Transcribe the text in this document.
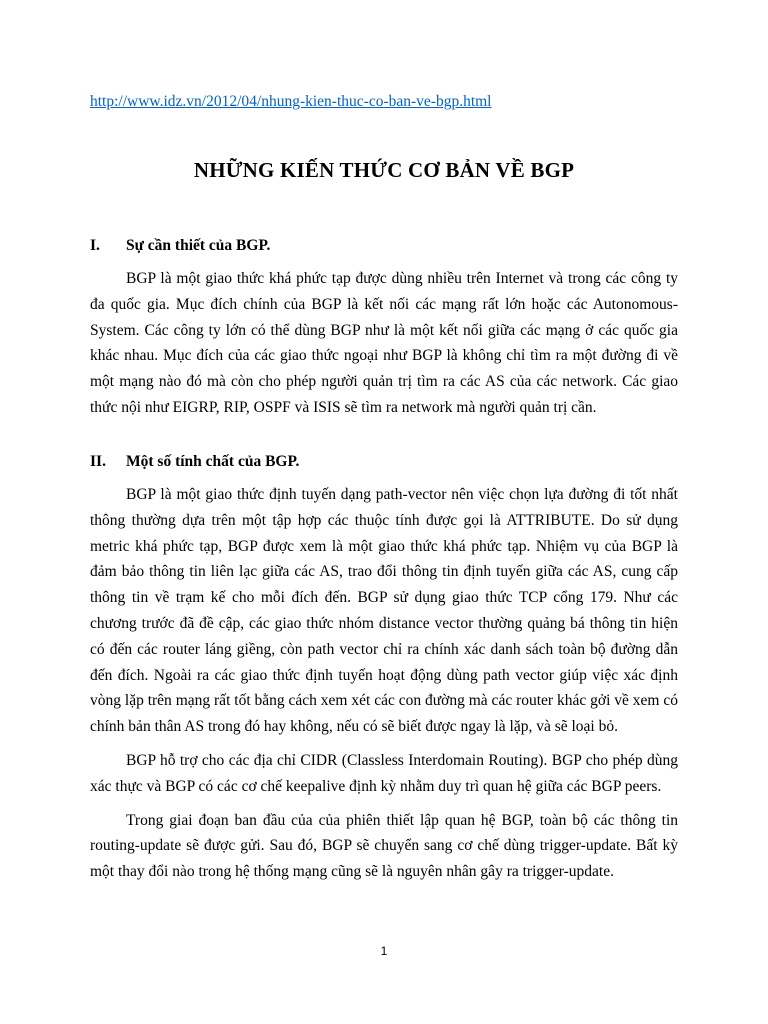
http://www.idz.vn/2012/04/nhung-kien-thuc-co-ban-ve-bgp.html
NHỮNG KIẾN THỨC CƠ BẢN VỀ BGP
I.	Sự cần thiết của BGP.

BGP là một giao thức khá phức tạp được dùng nhiều trên Internet và trong các công ty đa quốc gia. Mục đích chính của BGP là kết nối các mạng rất lớn hoặc các Autonomous-System. Các công ty lớn có thể dùng BGP như là một kết nối giữa các mạng ở các quốc gia khác nhau. Mục đích của các giao thức ngoại như BGP là không chỉ tìm ra một đường đi về một mạng nào đó mà còn cho phép người quản trị tìm ra các AS của các network. Các giao thức nội như EIGRP, RIP, OSPF và ISIS sẽ tìm ra network mà người quản trị cần.

II.	Một số tính chất của BGP.

BGP là một giao thức định tuyến dạng path-vector nên việc chọn lựa đường đi tốt nhất thông thường dựa trên một tập hợp các thuộc tính được gọi là ATTRIBUTE. Do sử dụng metric khá phức tạp, BGP được xem là một giao thức khá phức tạp. Nhiệm vụ của BGP là đảm bảo thông tin liên lạc giữa các AS, trao đổi thông tin định tuyến giữa các AS, cung cấp thông tin về trạm kế cho mỗi đích đến. BGP sử dụng giao thức TCP cổng 179. Như các chương trước đã đề cập, các giao thức nhóm distance vector thường quảng bá thông tin hiện có đến các router láng giềng, còn path vector chỉ ra chính xác danh sách toàn bộ đường dẫn đến đích. Ngoài ra các giao thức định tuyến hoạt động dùng path vector giúp việc xác định vòng lặp trên mạng rất tốt bằng cách xem xét các con đường mà các router khác gởi về xem có chính bản thân AS trong đó hay không, nếu có sẽ biết được ngay là lặp, và sẽ loại bỏ.

BGP hỗ trợ cho các địa chỉ CIDR (Classless Interdomain Routing). BGP cho phép dùng xác thực và BGP có các cơ chế keepalive định kỳ nhằm duy trì quan hệ giữa các BGP peers.

Trong giai đoạn ban đầu của của phiên thiết lập quan hệ BGP, toàn bộ các thông tin routing-update sẽ được gửi. Sau đó, BGP sẽ chuyển sang cơ chế dùng trigger-update. Bất kỳ một thay đổi nào trong hệ thống mạng cũng sẽ là nguyên nhân gây ra trigger-update.

1
